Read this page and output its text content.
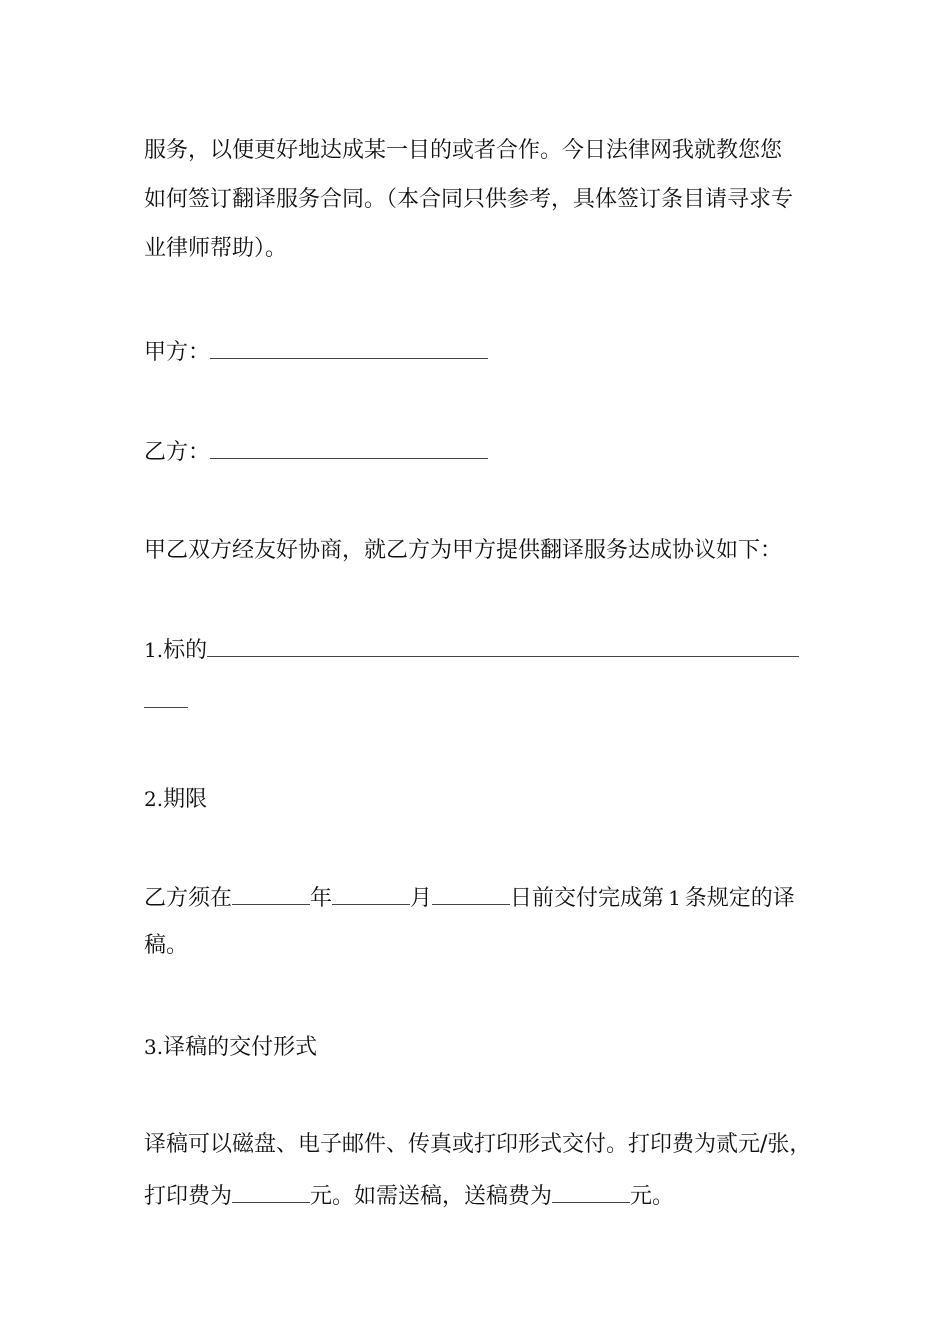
服务，以便更好地达成某一目的或者合作。今日法律网我就教您您
如何签订翻译服务合同。（本合同只供参考，具体签订条目请寻求专
业律师帮助）。
甲方：
乙方：
甲乙双方经友好协商，就乙方为甲方提供翻译服务达成协议如下：
1.标的
2.期限
乙方须在	年	月	日前交付完成第 1 条规定的译
稿。
3.译稿的交付形式
译稿可以磁盘、电子邮件、传真或打印形式交付。打印费为贰元/张，
打印费为	元。如需送稿，送稿费为	元。
